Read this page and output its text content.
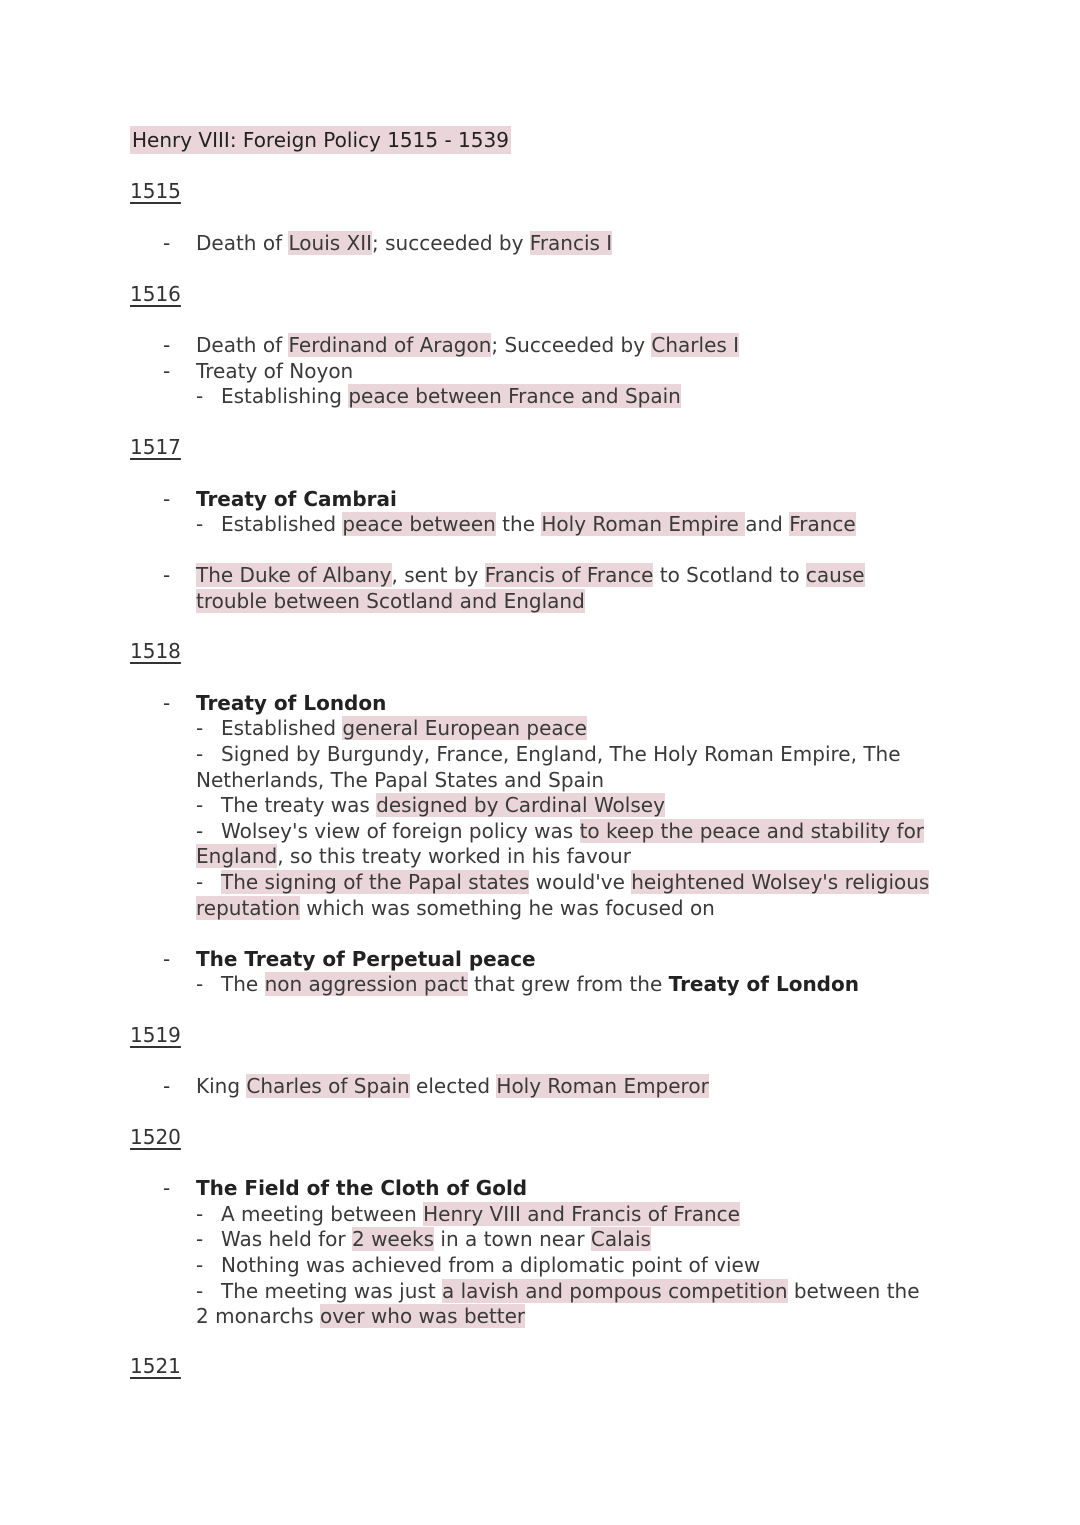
Henry VIII: Foreign Policy 1515 - 1539
1515
- Death of Louis XII; succeeded by Francis I
1516
- Death of Ferdinand of Aragon; Succeeded by Charles I
- Treaty of Noyon
- Establishing peace between France and Spain
1517
- Treaty of Cambrai
- Established peace between the Holy Roman Empire and France
- The Duke of Albany, sent by Francis of France to Scotland to cause
trouble between Scotland and England
1518
- Treaty of London
- Established general European peace
- Signed by Burgundy, France, England, The Holy Roman Empire, The
Netherlands, The Papal States and Spain
- The treaty was designed by Cardinal Wolsey
- Wolsey's view of foreign policy was to keep the peace and stability for
England, so this treaty worked in his favour
- The signing of the Papal states would've heightened Wolsey's religious
reputation which was something he was focused on
- The Treaty of Perpetual peace
- The non aggression pact that grew from the Treaty of London
1519
- King Charles of Spain elected Holy Roman Emperor
1520
- The Field of the Cloth of Gold
- A meeting between Henry VIII and Francis of France
- Was held for 2 weeks in a town near Calais
- Nothing was achieved from a diplomatic point of view
- The meeting was just a lavish and pompous competition between the
2 monarchs over who was better
1521
